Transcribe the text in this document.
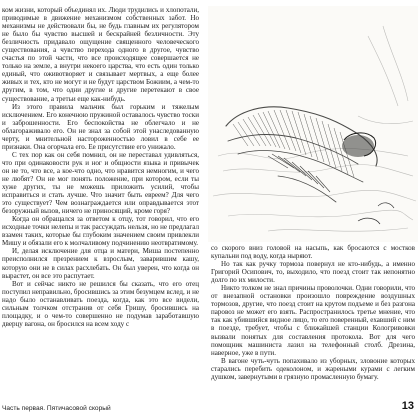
ком жизни, который объединял их. Люди трудились и хлопотали, приводимые в движение механизмом собственных забот. Но механизмы не действовали бы, не будь главным их регулятором не было бы чувство высшей и бескрайней безличности. Эту безличность придавало ощущение священного человеческого существования, а чувство перехода одного в другое, чувство счастья по этой части, что все происходящее совершается не только на земле, а внутри некоего царства, что есть один только единый, что оживотворяет и связывает мертвых, а еще более живых и тех, кто не могут и не будут царством Божиим, а чем-то другим, в том, что одни другие и другие перетекают в свое существование, а третьи еще как-нибудь.

Из этого правила мальчик был горьким и тяжелым исключением. Его конечною пружиной оставалось чувство тоски и заброшенности. Его беспокойства не облегчало и не облагораживало его. Он не знал за собой этой унаследованную черту, и мнительной настороженностью ловил в себе ее признаки. Она огорчала его. Ее присутствие его унижало.

С тех пор как он себя помнил, он не переставал удивляться, что при одинаковости рук и ног и общности языка и привычек он не то, что все, а кое-что одно, что нравится немногим, и чего не любят? Он не мог понять положение, при котором, если ты хуже других, ты не можешь приложить усилий, чтобы исправиться и стать лучше. Что значит быть евреем? Для чего это существует? Чем вознаграждается или оправдывается этот безоружный вызов, ничего не приносящий, кроме горя?

Когда он обращался за ответом к отцу, тот говорил, что его исходные точки нелепы и так рассуждать нельзя, но не предлагал взамен таких, которые бы глубоким значением своим привлекли Мишу и обязали его к молчаливому подчинению неотвратимому.

И, делая исключение для отца и матери, Миша постепенно преисполнился презрением к взрослым, заварившим кашу, которую они не в силах расхлебать. Он был уверен, что когда он вырастет, он все это распутает.

Вот и сейчас никто не решился бы сказать, что его отец поступил неправильно, бросившись за этим безумцем вслед, и не надо было останавливать поезда, когда, как это все видели, сильным толчком отстранив от себя Гришу, бросившись на площадку, и о чем-то совершенно не подумав заработавшую дверцу вагона, он бросился на всем ходу с

со скорого вниз головой на насыпь, как бросаются с мостков купальни под воду, когда ныряют.

Но так как ручку тормоза повернул не кто-нибудь, а именно Григорий Осипович, то, выходило, что поезд стоит так непонятно долго по их милости.

Никто толком не знал причины проволочки. Одни говорили, что от внезапной остановки произошло повреждение воздушных тормозов, другие, что поезд стоит на крутом подъеме и без разгона паровоз не может его взять. Распространилось третье мнение, что так как убившийся видное лицо, то его поверенный, ехавший с ним в поезде, требует, чтобы с ближайшей станции Кологривовки вызвали понятых для составления протокола. Вот для чего помощник машиниста лазил на телефонный столб. Дрезина, наверное, уже в пути.

В вагоне чуть-чуть попахивало из уборных, зловоние которых старались перебить одеколоном, и жареными курами с легким душком, завернутыми в грязную промасленную бумагу.

Часть первая. Пятичасовой скорый	13
